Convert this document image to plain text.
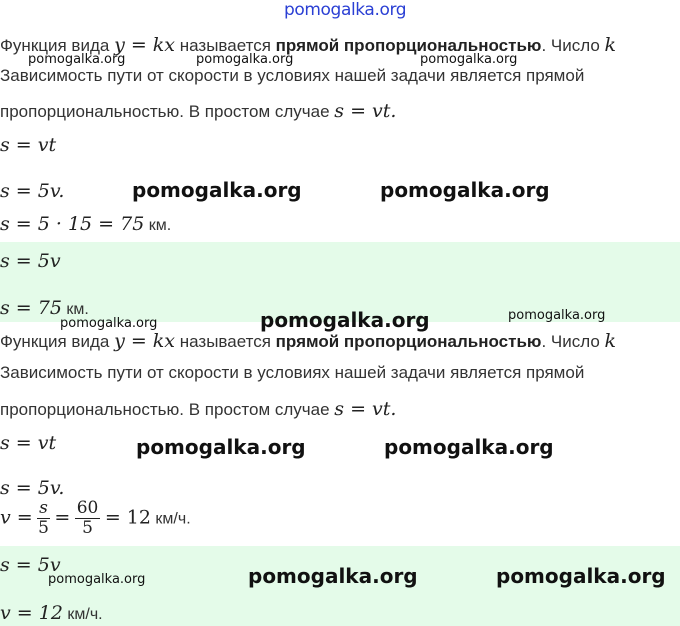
pomogalka.org
Функция вида y = kx называется прямой пропорциональностью. Число k
pomogalka.org	pomogalka.org	pomogalka.org
Зависимость пути от скорости в условиях нашей задачи является прямой
пропорциональностью. В простом случае s = vt.
s = vt
s = 5v.	pomogalka.org	pomogalka.org
s = 5 · 15 = 75 км.
s = 5v
s = 75 км.
pomogalka.org	pomogalka.org	pomogalka.org
Функция вида y = kx называется прямой пропорциональностью. Число k
Зависимость пути от скорости в условиях нашей задачи является прямой
пропорциональностью. В простом случае s = vt.
s = vt	pomogalka.org	pomogalka.org
s = 5v.
$v = \frac{s}{5} = \frac{60}{5} = 12$ км/ч.
s = 5v
pomogalka.org	pomogalka.org	pomogalka.org
v = 12 км/ч.
